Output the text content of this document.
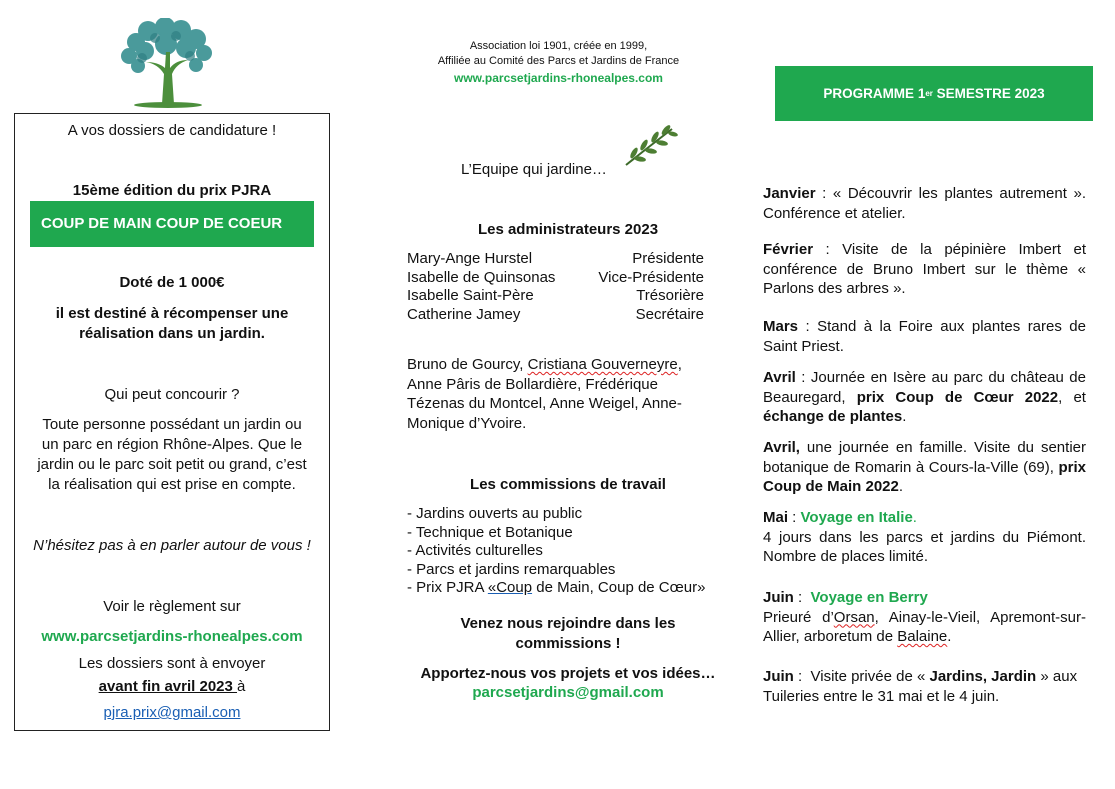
A vos dossiers de candidature !
15ème édition du prix PJRA
COUP DE MAIN COUP DE COEUR
Doté de 1 000€
il est destiné à récompenser une
réalisation dans un jardin.
Qui peut concourir ?
Toute personne possédant un jardin ou
un parc en région Rhône-Alpes. Que le
jardin ou le parc soit petit ou grand, c’est
la réalisation qui est prise en compte.
N’hésitez pas à en parler autour de vous !
Voir le règlement sur
www.parcsetjardins-rhonealpes.com
Les dossiers sont à envoyer
avant fin avril 2023 à
pjra.prix@gmail.com
Association loi 1901, créée en 1999,
Affiliée au Comité des Parcs et Jardins de France
www.parcsetjardins-rhonealpes.com
L’Equipe qui jardine…
Les administrateurs 2023
Mary-Ange Hurstel	Présidente
Isabelle de Quinsonas	Vice-Présidente
Isabelle Saint-Père	Trésorière
Catherine Jamey	Secrétaire
Bruno de Gourcy, Cristiana Gouverneyre,
Anne Pâris de Bollardière, Frédérique
Tézenas du Montcel, Anne Weigel, Anne-
Monique d’Yvoire.
Les commissions de travail
- Jardins ouverts au public
- Technique et Botanique
- Activités culturelles
- Parcs et jardins remarquables
- Prix PJRA «Coup de Main, Coup de Cœur»
Venez nous rejoindre dans les
commissions !
Apportez-nous vos projets et vos idées…
parcsetjardins@gmail.com
PROGRAMME 1 er SEMESTRE 2023
Janvier : « Découvrir les plantes autrement ». Conférence et atelier.
Février : Visite de la pépinière Imbert et conférence de Bruno Imbert sur le thème « Parlons des arbres ».
Mars : Stand à la Foire aux plantes rares de Saint Priest.
Avril : Journée en Isère au parc du château de Beauregard, prix Coup de Cœur 2022, et échange de plantes.
Avril, une journée en famille. Visite du sentier botanique de Romarin à Cours-la-Ville (69), prix Coup de Main 2022.
Mai : Voyage en Italie.
4 jours dans les parcs et jardins du Piémont. Nombre de places limité.
Juin :  Voyage en Berry
Prieuré d’Orsan, Ainay-le-Vieil, Apremont-sur-Allier, arboretum de Balaine.
Juin :  Visite privée de « Jardins, Jardin » aux Tuileries entre le 31 mai et le 4 juin.
